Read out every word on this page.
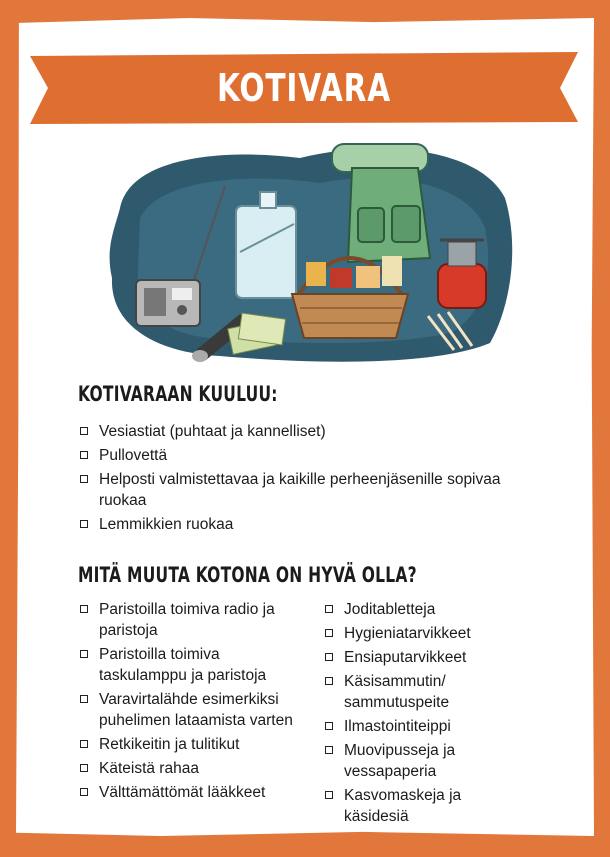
KOTIVARA
KOTIVARAAN KUULUU:
Vesiastiat (puhtaat ja kannelliset)
Pullovettä
Helposti valmistettavaa ja kaikille perheenjäsenille sopivaa ruokaa
Lemmikkien ruokaa
MITÄ MUUTA KOTONA ON HYVÄ OLLA?
Paristoilla toimiva radio ja paristoja
Paristoilla toimiva taskulamppu ja paristoja
Varavirtalähde esimerkiksi puhelimen lataamista varten
Retkikeitin ja tulitikut
Käteistä rahaa
Välttämättömät lääkkeet
Joditabletteja
Hygieniatarvikkeet
Ensiaputarvikkeet
Käsisammutin/ sammutuspeite
Ilmastointiteippi
Muovipusseja ja vessapaperia
Kasvomaskeja ja käsidesiä
